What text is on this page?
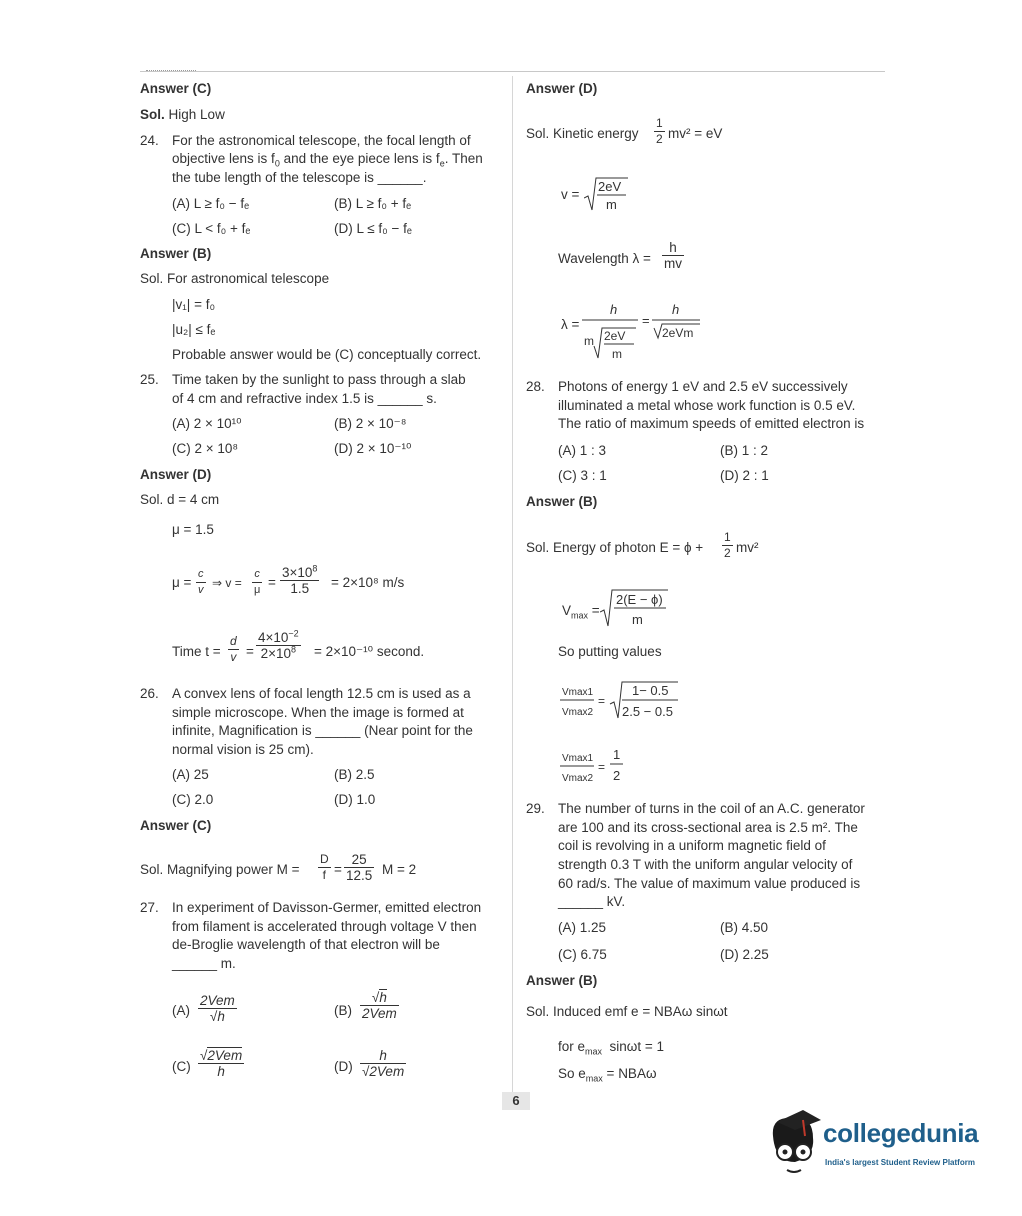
Answer (C)
Sol. High Low
24. For the astronomical telescope, the focal length of
objective lens is $f_0$ and the eye piece lens is $f_e$. Then
the tube length of the telescope is ______.
(A) L ≥ f₀ − fₑ	(B) L ≥ f₀ + fₑ
(C) L < f₀ + fₑ	(D) L ≤ f₀ − fₑ
Answer (B)
Sol. For astronomical telescope
|v₁| = f₀
|u₂| ≤ fₑ
Probable answer would be (C) conceptually correct.
25. Time taken by the sunlight to pass through a slab
of 4 cm and refractive index 1.5 is ______ s.
(A) 2 × 10¹⁰	(B) 2 × 10⁻⁸
(C) 2 × 10⁸	(D) 2 × 10⁻¹⁰
Answer (D)
Sol. d = 4 cm
μ = 1.5
$\mu = \frac{c}{v}$ ⇒ $v = \frac{c}{\mu} = \frac{3\times 10^8}{1.5} = 2\times 10^8$ m/s
Time $t = \frac{d}{v} = \frac{4\times 10^{-2}}{2\times 10^8} = 2\times 10^{-10}$ second.
26. A convex lens of focal length 12.5 cm is used as a
simple microscope. When the image is formed at
infinite, Magnification is ______ (Near point for the
normal vision is 25 cm).
(A) 25	(B) 2.5
(C) 2.0	(D) 1.0
Answer (C)
Sol. Magnifying power $M = \frac{D}{f} = \frac{25}{12.5}$ M = 2
27. In experiment of Davisson-Germer, emitted electron
from filament is accelerated through voltage V then
de-Broglie wavelength of that electron will be
______ m.
(A)
2Vem
√h	(B)
√h
2Vem
(C)
√2Vem
h	(D)
h
√2Vem
Answer (D)
Sol. Kinetic energy $\frac{1}{2} mv^2$ = eV
v =
2eV
m
Wavelength $\lambda = \frac{h}{mv}$
λ =
h
m 2eV
m
=
h
2eVm
28. Photons of energy 1 eV and 2.5 eV successively
illuminated a metal whose work function is 0.5 eV.
The ratio of maximum speeds of emitted electron is
(A) 1 : 3	(B) 1 : 2
(C) 3 : 1	(D) 2 : 1
Answer (B)
Sol. Energy of photon $E = \phi + \frac{1}{2} mv^2$
$V_{max}$ =
2(E − ϕ)
m
So putting values
Vmax1
Vmax2
=
1− 0.5
2.5 − 0.5
Vmax1
Vmax2
=
1
2
29. The number of turns in the coil of an A.C. generator
are 100 and its cross-sectional area is 2.5 m². The
coil is revolving in a uniform magnetic field of
strength 0.3 T with the uniform angular velocity of
60 rad/s. The value of maximum value produced is
______ kV.
(A) 1.25	(B) 4.50
(C) 6.75	(D) 2.25
Answer (B)
Sol. Induced emf e = NBAω sinωt
for $e_{max}$ sinωt = 1
So $e_{max} = NBA\omega$
6
collegedunia
India's largest Student Review Platform
